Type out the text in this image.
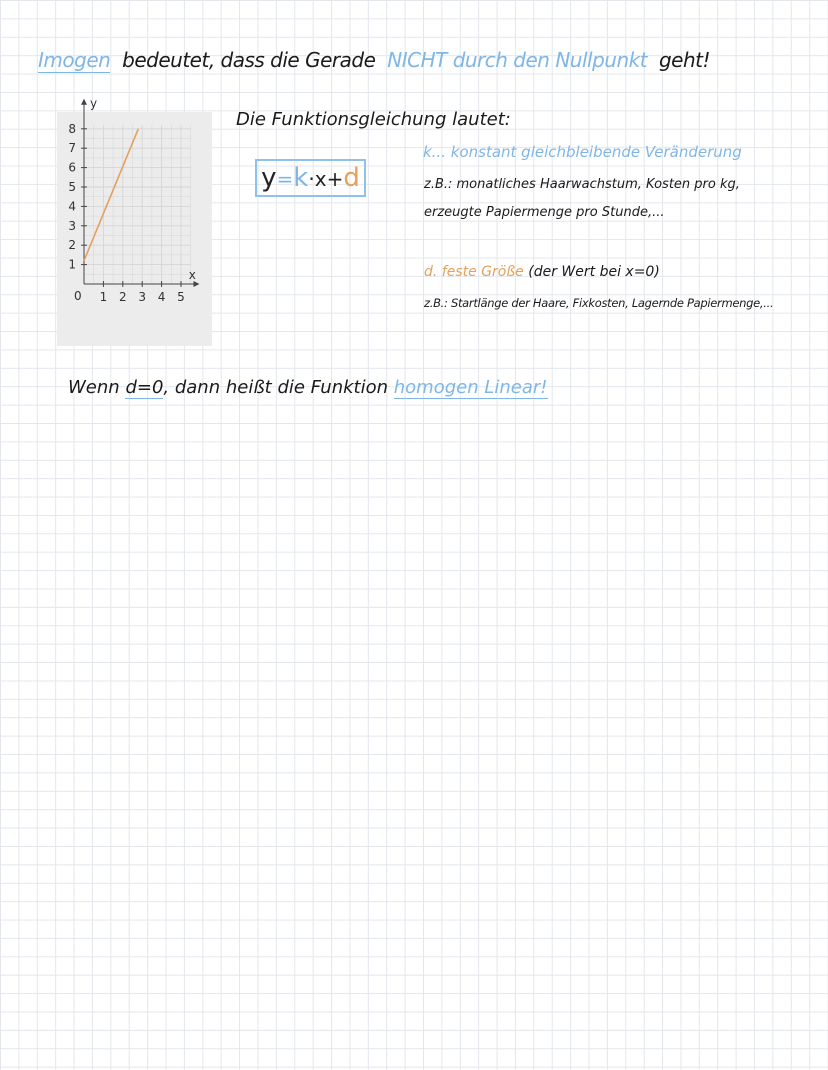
Imogen bedeutet, dass die Gerade NICHT durch den Nullpunkt geht!
1 2 3 4 5
1
2
3
4
5
6
7
8
y
x
0
Die Funktionsgleichung lautet:
y=k·x+d
k... konstant gleichbleibende Veränderung
z.B.: monatliches Haarwachstum, Kosten pro kg,
erzeugte Papiermenge pro Stunde,...
d. feste Größe (der Wert bei x=0)
z.B.: Startlänge der Haare, Fixkosten, Lagernde Papiermenge,...
Wenn d=0, dann heißt die Funktion homogen Linear!
